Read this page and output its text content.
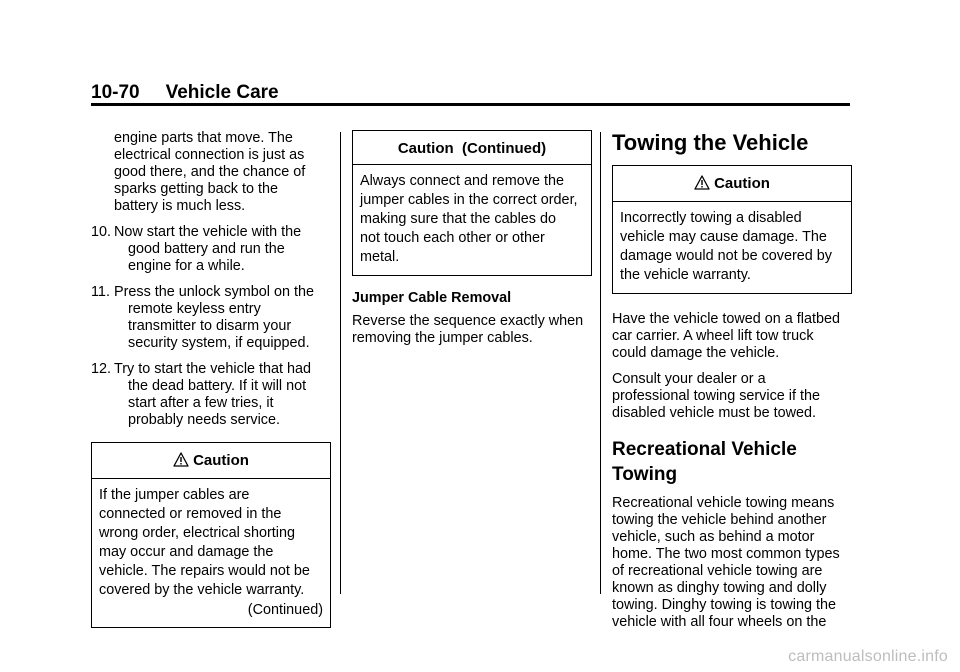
10-70 Vehicle Care

engine parts that move. The

electrical connection is just as

good there, and the chance of

sparks getting back to the

battery is much less.

10. Now start the vehicle with the

good battery and run the

engine for a while.

11. Press the unlock symbol on the

remote keyless entry

transmitter to disarm your

security system, if equipped.

12. Try to start the vehicle that had

the dead battery. If it will not

start after a few tries, it

probably needs service.

Caution

If the jumper cables are

connected or removed in the

wrong order, electrical shorting

may occur and damage the

vehicle. The repairs would not be

covered by the vehicle warranty.

(Continued)
Caution  (Continued)

Always connect and remove the

jumper cables in the correct order,

making sure that the cables do

not touch each other or other

metal.

Jumper Cable Removal

Reverse the sequence exactly when

removing the jumper cables.

Towing the Vehicle
Caution

Incorrectly towing a disabled

vehicle may cause damage. The

damage would not be covered by

the vehicle warranty.

Have the vehicle towed on a flatbed

car carrier. A wheel lift tow truck

could damage the vehicle.

Consult your dealer or a

professional towing service if the

disabled vehicle must be towed.

Recreational Vehicle

Towing

Recreational vehicle towing means

towing the vehicle behind another

vehicle, such as behind a motor

home. The two most common types

of recreational vehicle towing are

known as dinghy towing and dolly

towing. Dinghy towing is towing the

vehicle with all four wheels on the

carmanualsonline.info
